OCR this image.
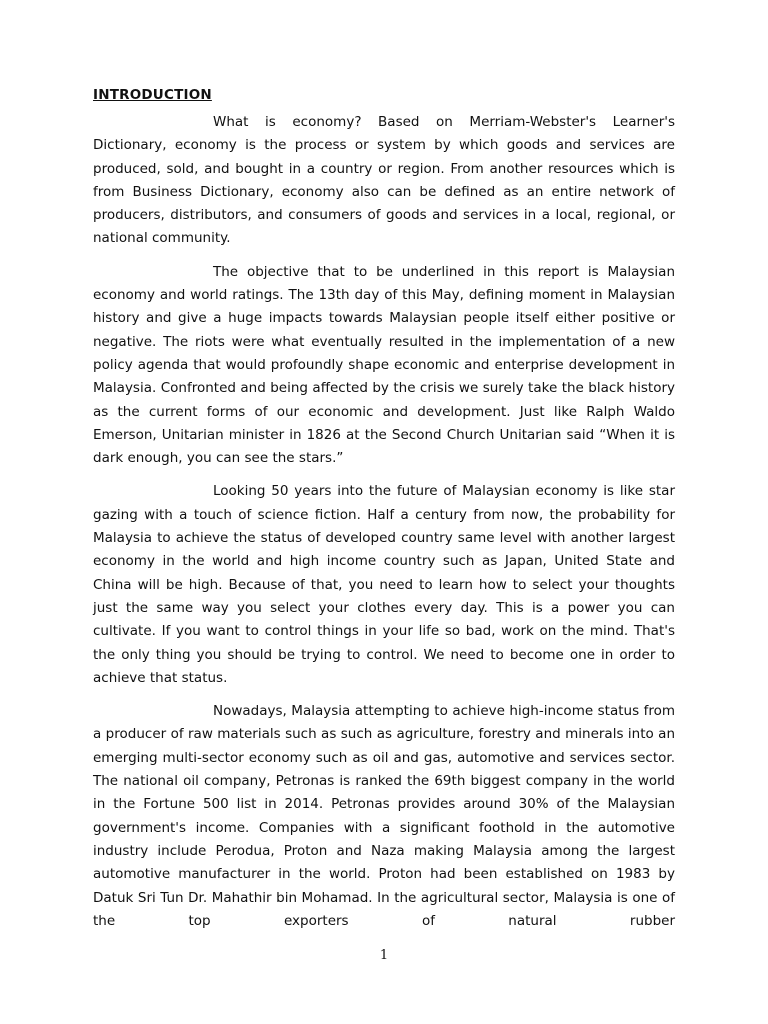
INTRODUCTION

What is economy? Based on Merriam-Webster's Learner's Dictionary, economy is the process or system by which goods and services are produced, sold, and bought in a country or region. From another resources which is from Business Dictionary, economy also can be defined as an entire network of producers, distributors, and consumers of goods and services in a local, regional, or national community.

The objective that to be underlined in this report is Malaysian economy and world ratings. The 13th day of this May, defining moment in Malaysian history and give a huge impacts towards Malaysian people itself either positive or negative. The riots were what eventually resulted in the implementation of a new policy agenda that would profoundly shape economic and enterprise development in Malaysia. Confronted and being affected by the crisis we surely take the black history as the current forms of our economic and development. Just like Ralph Waldo Emerson, Unitarian minister in 1826 at the Second Church Unitarian said “When it is dark enough, you can see the stars.”

Looking 50 years into the future of Malaysian economy is like star gazing with a touch of science fiction. Half a century from now, the probability for Malaysia to achieve the status of developed country same level with another largest economy in the world and high income country such as Japan, United State and China will be high. Because of that, you need to learn how to select your thoughts just the same way you select your clothes every day. This is a power you can cultivate. If you want to control things in your life so bad, work on the mind. That's the only thing you should be trying to control. We need to become one in order to achieve that status.

Nowadays, Malaysia attempting to achieve high-income status from a producer of raw materials such as such as agriculture, forestry and minerals into an emerging multi-sector economy such as oil and gas, automotive and services sector. The national oil company, Petronas is ranked the 69th biggest company in the world in the Fortune 500 list in 2014. Petronas provides around 30% of the Malaysian government's income. Companies with a significant foothold in the automotive industry include Perodua, Proton and Naza making Malaysia among the largest automotive manufacturer in the world. Proton had been established on 1983 by Datuk Sri Tun Dr. Mahathir bin Mohamad. In the agricultural sector, Malaysia is one of the top exporters of natural rubber

1
